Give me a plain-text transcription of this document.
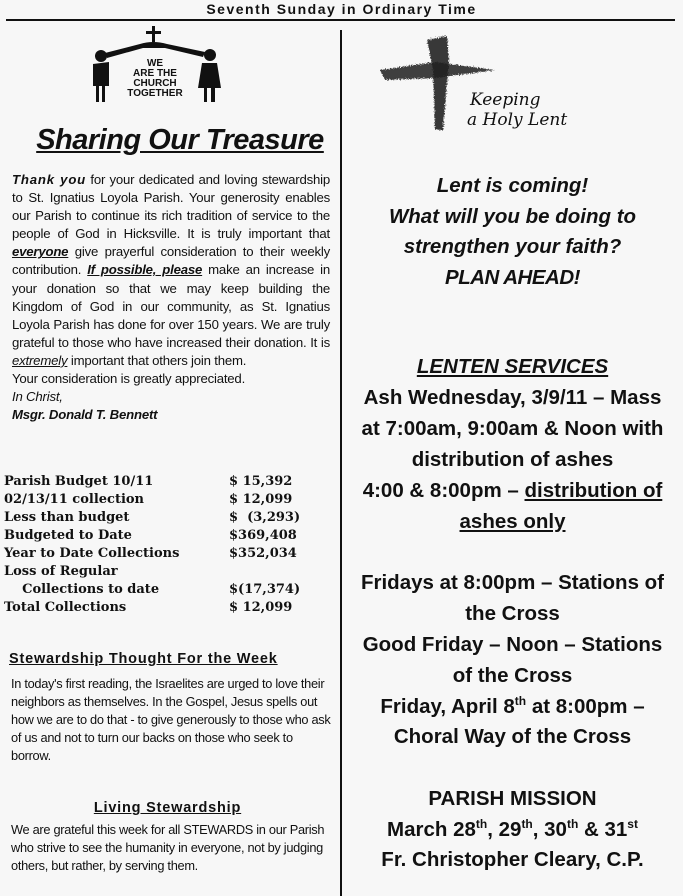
Seventh Sunday in Ordinary Time
WE
ARE THE
CHURCH
TOGETHER
Sharing Our Treasure
Thank you for your dedicated and loving stewardship to St. Ignatius Loyola Parish. Your generosity enables our Parish to continue its rich tradition of service to the people of God in Hicksville. It is truly important that everyone give prayerful consideration to their weekly contribution. If possible, please make an increase in your donation so that we may keep building the Kingdom of God in our community, as St. Ignatius Loyola Parish has done for over 150 years. We are truly grateful to those who have increased their donation. It is extremely important that others join them.
Your consideration is greatly appreciated.
In Christ,
Msgr. Donald T. Bennett
Parish Budget 10/11	$ 15,392
02/13/11 collection	$ 12,099
Less than budget	$  (3,293)
Budgeted to Date	$369,408
Year to Date Collections	$352,034
Loss of Regular
Collections to date	$(17,374)
Total Collections	$ 12,099
Stewardship Thought For the Week
In today's first reading, the Israelites are urged to love their neighbors as themselves. In the Gospel, Jesus spells out how we are to do that - to give generously to those who ask of us and not to turn our backs on those who seek to borrow.
Living Stewardship
We are grateful this week for all STEWARDS in our Parish who strive to see the humanity in everyone, not by judging others, but rather, by serving them.
Keeping
a Holy Lent
Lent is coming!
What will you be doing to
strengthen your faith?
PLAN AHEAD!
LENTEN SERVICES
Ash Wednesday, 3/9/11 – Mass
at 7:00am, 9:00am & Noon with
distribution of ashes
4:00 & 8:00pm – distribution of
ashes only
Fridays at 8:00pm – Stations of
the Cross
Good Friday – Noon – Stations
of the Cross
Friday, April 8th at 8:00pm –
Choral Way of the Cross
PARISH MISSION
March 28th, 29th, 30th & 31st
Fr. Christopher Cleary, C.P.
